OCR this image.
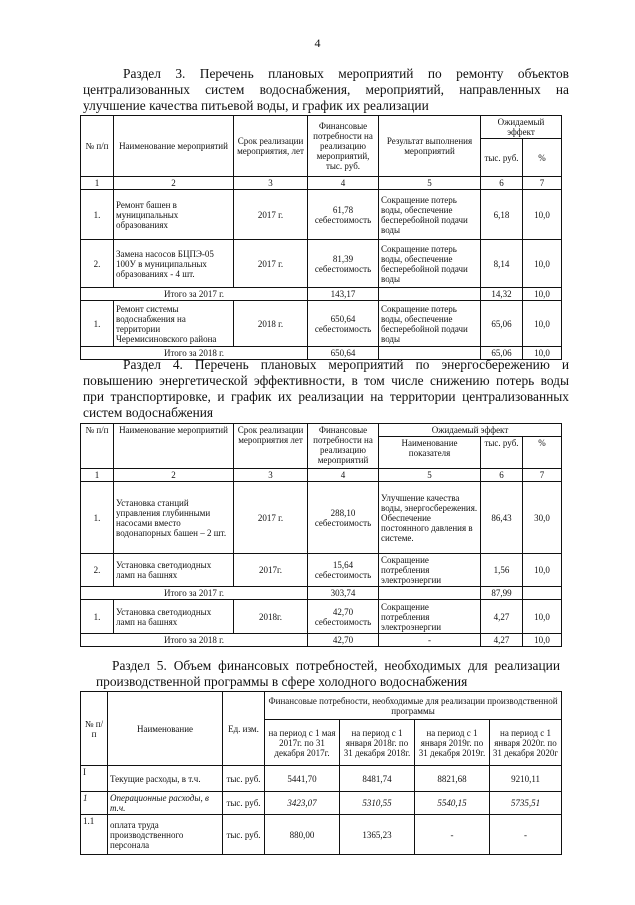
4
Раздел 3. Перечень плановых мероприятий по ремонту объектов
централизованных систем водоснабжения, мероприятий, направленных на
улучшение качества питьевой воды, и график их реализации
№ п/п	Наименование мероприятий	Срок реализации мероприятия, лет	Финансовые потребности на реализацию мероприятий, тыс. руб.	Результат выполнения мероприятий	Ожидаемый эффект	
					тыс. руб.	%
1	2	3	4	5	6	7
1.	Ремонт башен в муниципальных образованиях	2017 г.	61,78 себестоимость	Сокращение потерь воды, обеспечение бесперебойной подачи воды	6,18	10,0
2.	Замена насосов БЦПЭ-05 100У в муниципальных образованиях - 4 шт.	2017 г.	81,39 себестоимость	Сокращение потерь воды, обеспечение бесперебойной подачи воды	8,14	10,0
Итого за 2017 г.			143,17		14,32	10,0
1.	Ремонт системы водоснабжения на территории Черемисиновского района	2018 г.	650,64 себестоимость	Сокращение потерь воды, обеспечение бесперебойной подачи воды	65,06	10,0
Итого за 2018 г.			650,64		65,06	10,0
Раздел 4. Перечень плановых мероприятий по энергосбережению и
повышению энергетической эффективности, в том числе снижению потерь воды
при транспортировке, и график их реализации на территории централизованных
систем водоснабжения
№ п/п	Наименование мероприятий	Срок реализации мероприятия лет	Финансовые потребности на реализацию мероприятий	Ожидаемый эффект		
				Наименование показателя	тыс. руб.	%
1	2	3	4	5	6	7
1.	Установка станций управления глубинными насосами вместо водонапорных башен – 2 шт.	2017 г.	288,10 себестоимость	Улучшение качества воды, энергосбережения. Обеспечение постоянного давления в системе.	86,43	30,0
2.	Установка светодиодных ламп на башнях	2017г.	15,64 себестоимость	Сокращение потребления электроэнергии	1,56	10,0
Итого за 2017 г.			303,74		87,99	
1.	Установка светодиодных ламп на башнях	2018г.	42,70 себестоимость	Сокращение потребления электроэнергии	4,27	10,0
Итого за 2018 г.			42,70	-	4,27	10,0
Раздел 5. Объем финансовых потребностей, необходимых для реализации
производственной программы в сфере холодного водоснабжения
№ п/п	Наименование	Ед. изм.	Финансовые потребности, необходимые для реализации производственной программы			
			на период с 1 мая 2017г. по 31 декабря 2017г.	на период с 1 января 2018г. по 31 декабря 2018г.	на период с 1 января 2019г. по 31 декабря 2019г.	на период с 1 января 2020г. по 31 декабря 2020г
I	Текущие расходы, в т.ч.	тыс. руб.	5441,70	8481,74	8821,68	9210,11
1	Операционные расходы, в т.ч.	тыс. руб.	3423,07	5310,55	5540,15	5735,51
1.1	оплата труда производственного персонала	тыс. руб.	880,00	1365,23	-	-
